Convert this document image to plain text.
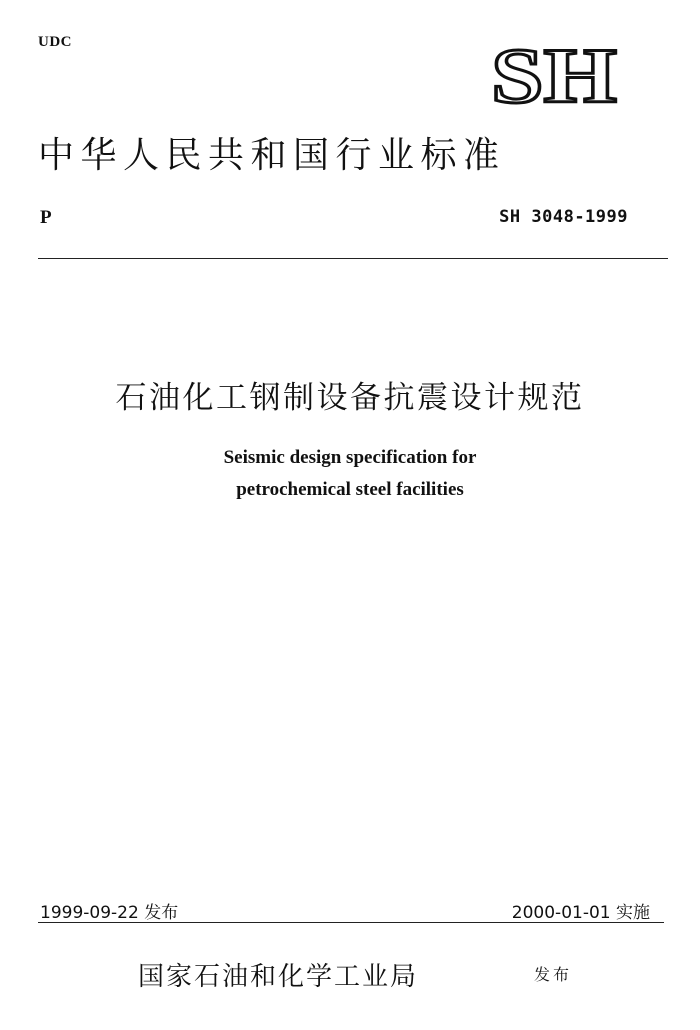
UDC	SH
中华人民共和国行业标准
P	SH 3048-1999
石油化工钢制设备抗震设计规范
Seismic design specification for
petrochemical steel facilities
1999-09-22 发布	2000-01-01 实施
国家石油和化学工业局	发布
